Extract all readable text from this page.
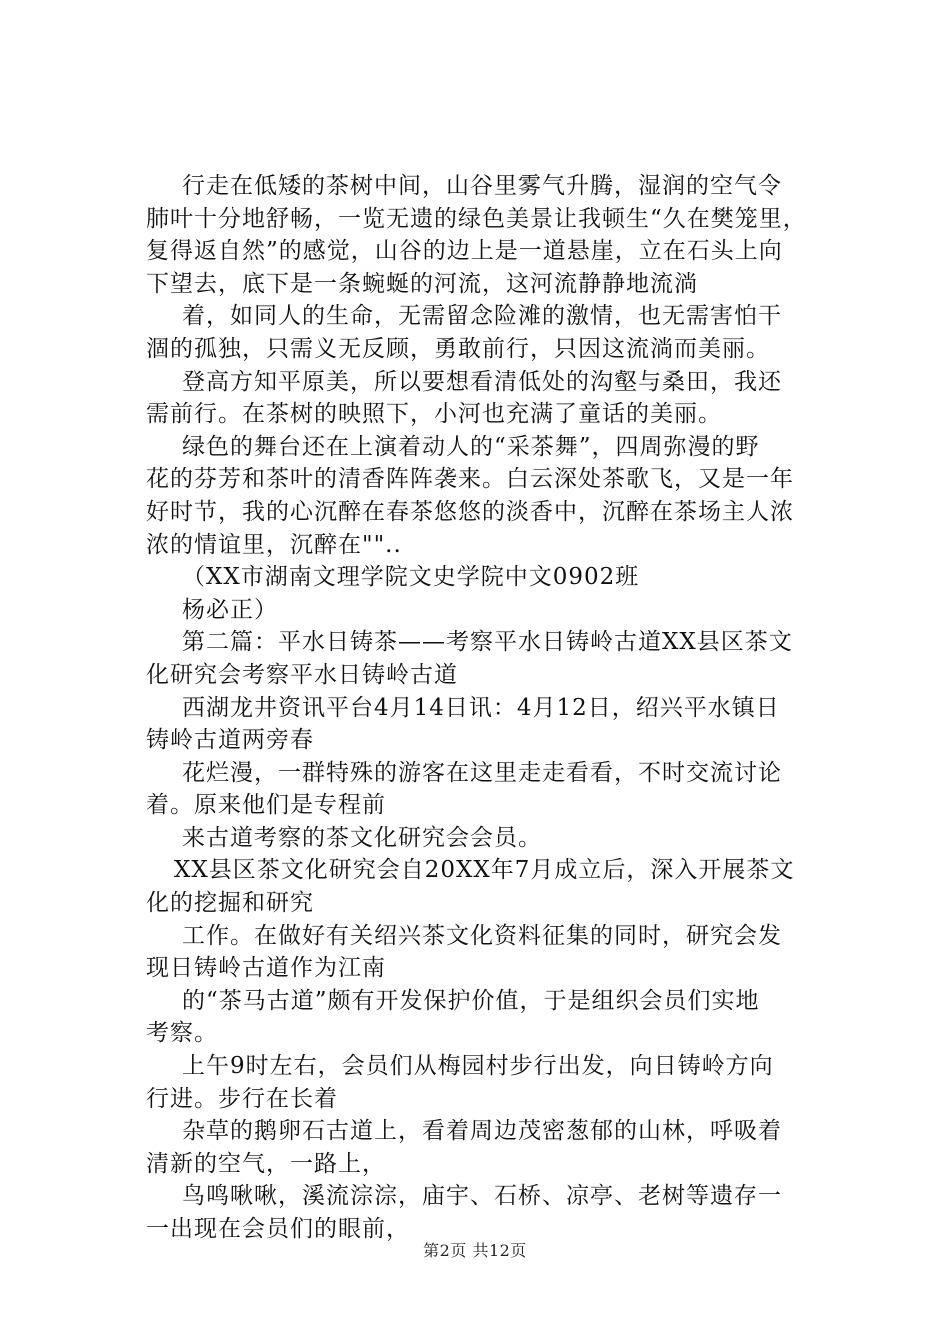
行走在低矮的茶树中间，山谷里雾气升腾，湿润的空气令
肺叶十分地舒畅，一览无遗的绿色美景让我顿生“久在樊笼里，
复得返自然”的感觉，山谷的边上是一道悬崖，立在石头上向
下望去，底下是一条蜿蜒的河流，这河流静静地流淌
着，如同人的生命，无需留念险滩的激情，也无需害怕干
涸的孤独，只需义无反顾，勇敢前行，只因这流淌而美丽。
登高方知平原美，所以要想看清低处的沟壑与桑田，我还
需前行。在茶树的映照下，小河也充满了童话的美丽。
绿色的舞台还在上演着动人的“采茶舞”，四周弥漫的野
花的芬芳和茶叶的清香阵阵袭来。白云深处茶歌飞，又是一年
好时节，我的心沉醉在春茶悠悠的淡香中，沉醉在茶场主人浓
浓的情谊里，沉醉在""..
（XX市湖南文理学院文史学院中文0902班
杨必正）
第二篇：平水日铸茶——考察平水日铸岭古道XX县区茶文
化研究会考察平水日铸岭古道
西湖龙井资讯平台4月14日讯：4月12日，绍兴平水镇日
铸岭古道两旁春
花烂漫，一群特殊的游客在这里走走看看，不时交流讨论
着。原来他们是专程前
来古道考察的茶文化研究会会员。
XX县区茶文化研究会自20XX年7月成立后，深入开展茶文
化的挖掘和研究
工作。在做好有关绍兴茶文化资料征集的同时，研究会发
现日铸岭古道作为江南
的“茶马古道”颇有开发保护价值，于是组织会员们实地
考察。
上午9时左右，会员们从梅园村步行出发，向日铸岭方向
行进。步行在长着
杂草的鹅卵石古道上，看着周边茂密葱郁的山林，呼吸着
清新的空气，一路上，
鸟鸣啾啾，溪流淙淙，庙宇、石桥、凉亭、老树等遗存一
一出现在会员们的眼前，
第2页 共12页
